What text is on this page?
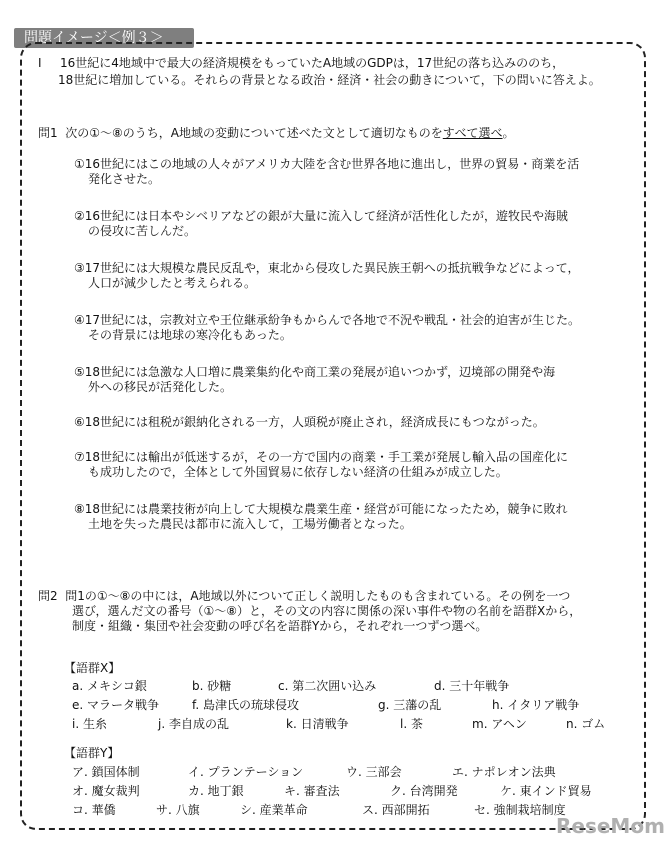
問題イメージ＜例３＞
Ⅰ 16世紀に4地域中で最大の経済規模をもっていたA地域のGDPは，17世紀の落ち込みののち，
18世紀に増加している。それらの背景となる政治・経済・社会の動きについて，下の問いに答えよ。
問1 次の①～⑧のうち，A地域の変動について述べた文として適切なものをすべて選べ。
①16世紀にはこの地域の人々がアメリカ大陸を含む世界各地に進出し，世界の貿易・商業を活
発化させた。
②16世紀には日本やシベリアなどの銀が大量に流入して経済が活性化したが，遊牧民や海賊
の侵攻に苦しんだ。
③17世紀には大規模な農民反乱や，東北から侵攻した異民族王朝への抵抗戦争などによって，
人口が減少したと考えられる。
④17世紀には，宗教対立や王位継承紛争もからんで各地で不況や戦乱・社会的迫害が生じた。
その背景には地球の寒冷化もあった。
⑤18世紀には急激な人口増に農業集約化や商工業の発展が追いつかず，辺境部の開発や海
外への移民が活発化した。
⑥18世紀には租税が銀納化される一方，人頭税が廃止され，経済成長にもつながった。
⑦18世紀には輸出が低迷するが，その一方で国内の商業・手工業が発展し輸入品の国産化に
も成功したので，全体として外国貿易に依存しない経済の仕組みが成立した。
⑧18世紀には農業技術が向上して大規模な農業生産・経営が可能になったため，競争に敗れ
土地を失った農民は都市に流入して，工場労働者となった。
問2 問1の①～⑧の中には，A地域以外について正しく説明したものも含まれている。その例を一つ
選び，選んだ文の番号（①～⑧）と，その文の内容に関係の深い事件や物の名前を語群Xから，
制度・組織・集団や社会変動の呼び名を語群Yから，それぞれ一つずつ選べ。
【語群X】
a. メキシコ銀	b. 砂糖	c. 第二次囲い込み	d. 三十年戦争
e. マラータ戦争	f. 島津氏の琉球侵攻	g. 三藩の乱	h. イタリア戦争
i. 生糸	j. 李自成の乱	k. 日清戦争	l. 茶	m. アヘン	n. ゴム
【語群Y】
ア. 鎖国体制	イ. プランテーション	ウ. 三部会	エ. ナポレオン法典
オ. 魔女裁判	カ. 地丁銀	キ. 審査法	ク. 台湾開発	ケ. 東インド貿易
コ. 華僑	サ. 八旗	シ. 産業革命	ス. 西部開拓	セ. 強制栽培制度
ReseMom
